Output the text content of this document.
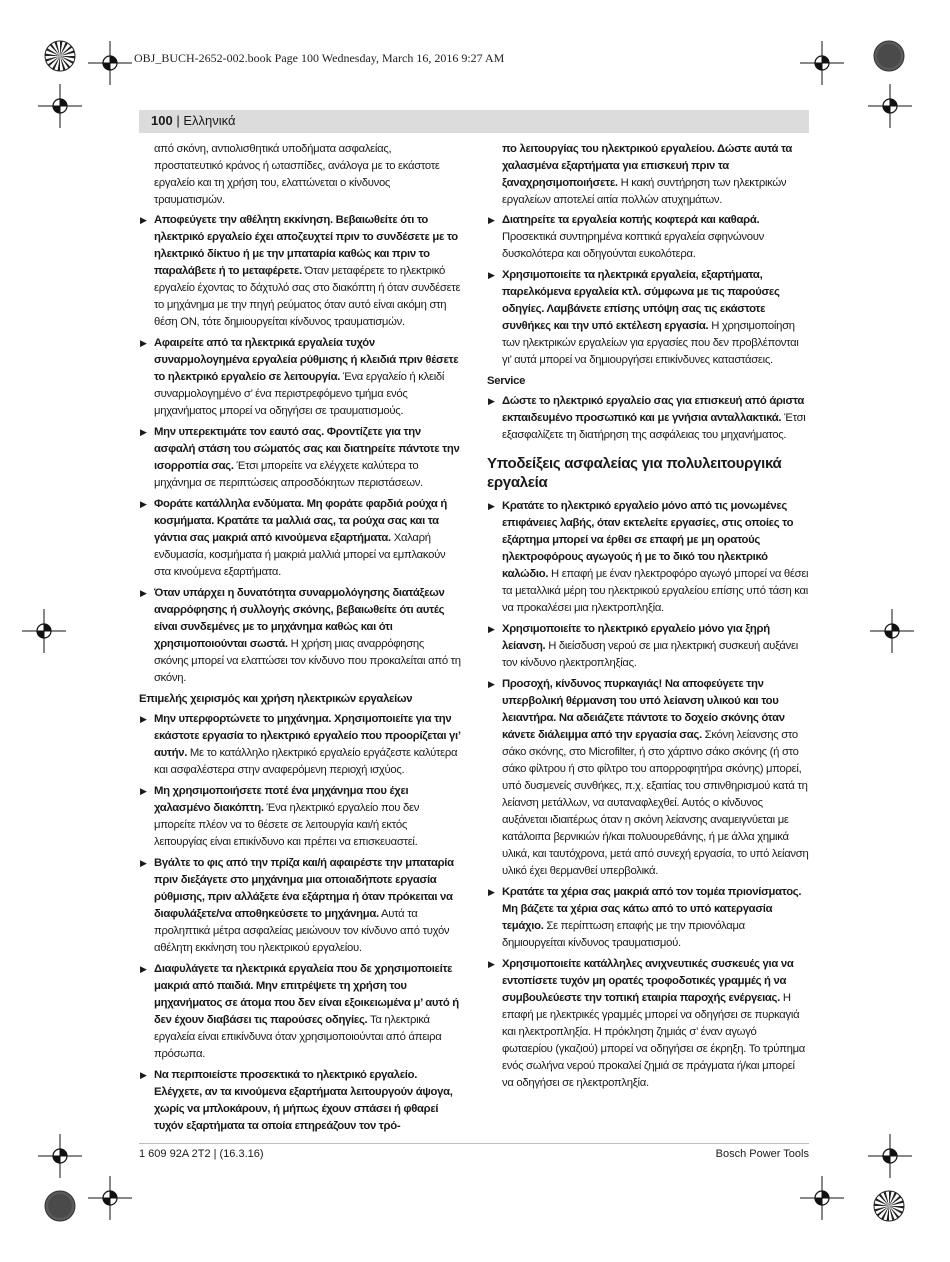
OBJ_BUCH-2652-002.book Page 100 Wednesday, March 16, 2016 9:27 AM
100 | Ελληνικά

από σκόνη, αντιολισθητικά υποδήματα ασφαλείας, προστατευτικό κράνος ή ωτασπίδες, ανάλογα με το εκάστοτε εργαλείο και τη χρήση του, ελαττώνεται ο κίνδυνος τραυματισμών.

▶ Αποφεύγετε την αθέλητη εκκίνηση. Βεβαιωθείτε ότι το ηλεκτρικό εργαλείο έχει αποζευχτεί πριν το συνδέσετε με το ηλεκτρικό δίκτυο ή με την μπαταρία καθώς και πριν το παραλάβετε ή το μεταφέρετε. Όταν μεταφέρετε το ηλεκτρικό εργαλείο έχοντας το δάχτυλό σας στο διακόπτη ή όταν συνδέσετε το μηχάνημα με την πηγή ρεύματος όταν αυτό είναι ακόμη στη θέση ON, τότε δημιουργείται κίνδυνος τραυματισμών.
▶ Αφαιρείτε από τα ηλεκτρικά εργαλεία τυχόν συναρμολογημένα εργαλεία ρύθμισης ή κλειδιά πριν θέσετε το ηλεκτρικό εργαλείο σε λειτουργία. Ένα εργαλείο ή κλειδί συναρμολογημένο σ’ ένα περιστρεφόμενο τμήμα ενός μηχανήματος μπορεί να οδηγήσει σε τραυματισμούς.
▶ Μην υπερεκτιμάτε τον εαυτό σας. Φροντίζετε για την ασφαλή στάση του σώματός σας και διατηρείτε πάντοτε την ισορροπία σας. Έτσι μπορείτε να ελέγχετε καλύτερα το μηχάνημα σε περιπτώσεις απροσδόκητων περιστάσεων.
▶ Φοράτε κατάλληλα ενδύματα. Μη φοράτε φαρδιά ρούχα ή κοσμήματα. Κρατάτε τα μαλλιά σας, τα ρούχα σας και τα γάντια σας μακριά από κινούμενα εξαρτήματα. Χαλαρή ενδυμασία, κοσμήματα ή μακριά μαλλιά μπορεί να εμπλακούν στα κινούμενα εξαρτήματα.
▶ Όταν υπάρχει η δυνατότητα συναρμολόγησης διατάξεων αναρρόφησης ή συλλογής σκόνης, βεβαιωθείτε ότι αυτές είναι συνδεμένες με το μηχάνημα καθώς και ότι χρησιμοποιούνται σωστά. Η χρήση μιας αναρρόφησης σκόνης μπορεί να ελαττώσει τον κίνδυνο που προκαλείται από τη σκόνη.
Επιμελής χειρισμός και χρήση ηλεκτρικών εργαλείων
▶ Μην υπερφορτώνετε το μηχάνημα. Χρησιμοποιείτε για την εκάστοτε εργασία το ηλεκτρικό εργαλείο που προορίζεται γι’ αυτήν. Με το κατάλληλο ηλεκτρικό εργαλείο εργάζεστε καλύτερα και ασφαλέστερα στην αναφερόμενη περιοχή ισχύος.
▶ Μη χρησιμοποιήσετε ποτέ ένα μηχάνημα που έχει χαλασμένο διακόπτη. Ένα ηλεκτρικό εργαλείο που δεν μπορείτε πλέον να το θέσετε σε λειτουργία και/ή εκτός λειτουργίας είναι επικίνδυνο και πρέπει να επισκευαστεί.
▶ Βγάλτε το φις από την πρίζα και/ή αφαιρέστε την μπαταρία πριν διεξάγετε στο μηχάνημα μια οποιαδήποτε εργασία ρύθμισης, πριν αλλάξετε ένα εξάρτημα ή όταν πρόκειται να διαφυλάξετε/να αποθηκεύσετε το μηχάνημα. Αυτά τα προληπτικά μέτρα ασφαλείας μειώνουν τον κίνδυνο από τυχόν αθέλητη εκκίνηση του ηλεκτρικού εργαλείου.
▶ Διαφυλάγετε τα ηλεκτρικά εργαλεία που δε χρησιμοποιείτε μακριά από παιδιά. Μην επιτρέψετε τη χρήση του μηχανήματος σε άτομα που δεν είναι εξοικειωμένα μ’ αυτό ή δεν έχουν διαβάσει τις παρούσες οδηγίες. Τα ηλεκτρικά εργαλεία είναι επικίνδυνα όταν χρησιμοποιούνται από άπειρα πρόσωπα.
▶ Να περιποιείστε προσεκτικά το ηλεκτρικό εργαλείο. Ελέγχετε, αν τα κινούμενα εξαρτήματα λειτουργούν άψογα, χωρίς να μπλοκάρουν, ή μήπως έχουν σπάσει ή φθαρεί τυχόν εξαρτήματα τα οποία επηρεάζουν τον τρό-

πο λειτουργίας του ηλεκτρικού εργαλείου. Δώστε αυτά τα χαλασμένα εξαρτήματα για επισκευή πριν τα ξαναχρησιμοποιήσετε. Η κακή συντήρηση των ηλεκτρικών εργαλείων αποτελεί αιτία πολλών ατυχημάτων.

▶ Διατηρείτε τα εργαλεία κοπής κοφτερά και καθαρά. Προσεκτικά συντηρημένα κοπτικά εργαλεία σφηνώνουν δυσκολότερα και οδηγούνται ευκολότερα.
▶ Χρησιμοποιείτε τα ηλεκτρικά εργαλεία, εξαρτήματα, παρελκόμενα εργαλεία κτλ. σύμφωνα με τις παρούσες οδηγίες. Λαμβάνετε επίσης υπόψη σας τις εκάστοτε συνθήκες και την υπό εκτέλεση εργασία. Η χρησιμοποίηση των ηλεκτρικών εργαλείων για εργασίες που δεν προβλέπονται γι’ αυτά μπορεί να δημιουργήσει επικίνδυνες καταστάσεις.
Service
▶ Δώστε το ηλεκτρικό εργαλείο σας για επισκευή από άριστα εκπαιδευμένο προσωπικό και με γνήσια ανταλλακτικά. Έτσι εξασφαλίζετε τη διατήρηση της ασφάλειας του μηχανήματος.
Υποδείξεις ασφαλείας για πολυλειτουργικά εργαλεία
▶ Κρατάτε το ηλεκτρικό εργαλείο μόνο από τις μονωμένες επιφάνειες λαβής, όταν εκτελείτε εργασίες, στις οποίες το εξάρτημα μπορεί να έρθει σε επαφή με μη ορατούς ηλεκτροφόρους αγωγούς ή με το δικό του ηλεκτρικό καλώδιο. Η επαφή με έναν ηλεκτροφόρο αγωγό μπορεί να θέσει τα μεταλλικά μέρη του ηλεκτρικού εργαλείου επίσης υπό τάση και να προκαλέσει μια ηλεκτροπληξία.
▶ Χρησιμοποιείτε το ηλεκτρικό εργαλείο μόνο για ξηρή λείανση. Η διείσδυση νερού σε μια ηλεκτρική συσκευή αυξάνει τον κίνδυνο ηλεκτροπληξίας.
▶ Προσοχή, κίνδυνος πυρκαγιάς! Να αποφεύγετε την υπερβολική θέρμανση του υπό λείανση υλικού και του λειαντήρα. Να αδειάζετε πάντοτε το δοχείο σκόνης όταν κάνετε διάλειμμα από την εργασία σας. Σκόνη λείανσης στο σάκο σκόνης, στο Microfilter, ή στο χάρτινο σάκο σκόνης (ή στο σάκο φίλτρου ή στο φίλτρο του απορροφητήρα σκόνης) μπορεί, υπό δυσμενείς συνθήκες, π.χ. εξαιτίας του σπινθηρισμού κατά τη λείανση μετάλλων, να αυταναφλεχθεί. Αυτός ο κίνδυνος αυξάνεται ιδιαιτέρως όταν η σκόνη λείανσης αναμειγνύεται με κατάλοιπα βερνικιών ή/και πολυουρεθάνης, ή με άλλα χημικά υλικά, και ταυτόχρονα, μετά από συνεχή εργασία, το υπό λείανση υλικό έχει θερμανθεί υπερβολικά.
▶ Κρατάτε τα χέρια σας μακριά από τον τομέα πριονίσματος. Μη βάζετε τα χέρια σας κάτω από το υπό κατεργασία τεμάχιο. Σε περίπτωση επαφής με την πριονόλαμα δημιουργείται κίνδυνος τραυματισμού.
▶ Χρησιμοποιείτε κατάλληλες ανιχνευτικές συσκευές για να εντοπίσετε τυχόν μη ορατές τροφοδοτικές γραμμές ή να συμβουλεύεστε την τοπική εταιρία παροχής ενέργειας. Η επαφή με ηλεκτρικές γραμμές μπορεί να οδηγήσει σε πυρκαγιά και ηλεκτροπληξία. Η πρόκληση ζημιάς σ’ έναν αγωγό φωταερίου (γκαζιού) μπορεί να οδηγήσει σε έκρηξη. Το τρύπημα ενός σωλήνα νερού προκαλεί ζημιά σε πράγματα ή/και μπορεί να οδηγήσει σε ηλεκτροπληξία.
1 609 92A 2T2 | (16.3.16)	Bosch Power Tools
